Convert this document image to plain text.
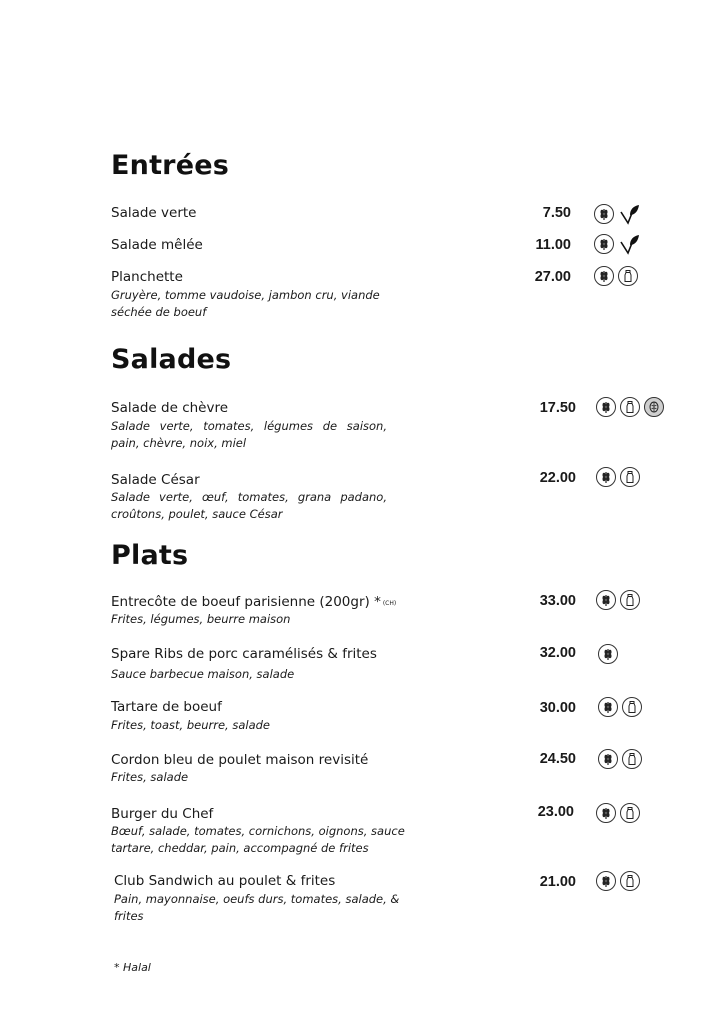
Entrées
Salade verte	7.50
Salade mêlée	11.00
Planchette
Gruyère, tomme vaudoise, jambon cru, viande séchée de boeuf
27.00
Salades
Salade de chèvre
Salade verte, tomates, légumes de saison, pain, chèvre, noix, miel
17.50
Salade César
Salade verte, œuf, tomates, grana padano, croûtons, poulet, sauce César
22.00
Plats
Entrecôte de boeuf parisienne (200gr) * (CH)
Frites, légumes, beurre maison
33.00
Spare Ribs de porc caramélisés & frites
Sauce barbecue maison, salade
32.00
Tartare de boeuf
Frites, toast, beurre, salade
30.00
Cordon bleu de poulet maison revisité
Frites, salade
24.50
Burger du Chef
Bœuf, salade, tomates, cornichons, oignons, sauce tartare, cheddar, pain, accompagné de frites
23.00
Club Sandwich au poulet & frites
Pain, mayonnaise, oeufs durs, tomates, salade, & frites
21.00
* Halal
